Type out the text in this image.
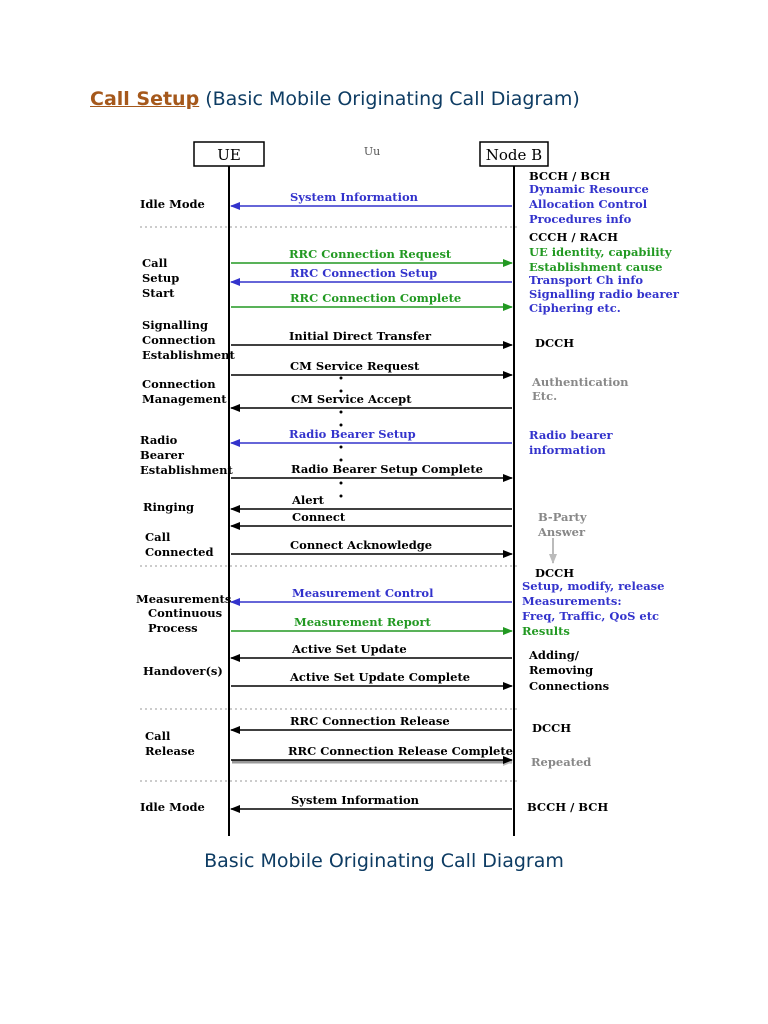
Call Setup (Basic Mobile Originating Call Diagram)
UE	Node B
Uu
Idle Mode
Call
Setup
Start
Signalling
Connection
Establishment
Connection
Management
Radio
Bearer
Establishment
Ringing
Call
Connected
Measurements
Continuous
Process
Handover(s)
Call
Release
Idle Mode
System Information
RRC Connection Request
RRC Connection Setup
RRC Connection Complete
Initial Direct Transfer
CM Service Request
CM Service Accept
Radio Bearer Setup
Radio Bearer Setup Complete
Alert
Connect
Connect Acknowledge
Measurement Control
Measurement Report
Active Set Update
Active Set Update Complete
RRC Connection Release
RRC Connection Release Complete
System Information
BCCH / BCH
Dynamic Resource
Allocation Control
Procedures info
CCCH / RACH
UE identity, capability
Establishment cause
Transport Ch info
Signalling radio bearer
Ciphering etc.
DCCH
Authentication
Etc.
Radio bearer
information
B-Party
Answer
DCCH
Setup, modify, release
Measurements:
Freq, Traffic, QoS etc
Results
Adding/
Removing
Connections
DCCH
Repeated
BCCH / BCH
Basic Mobile Originating Call Diagram
